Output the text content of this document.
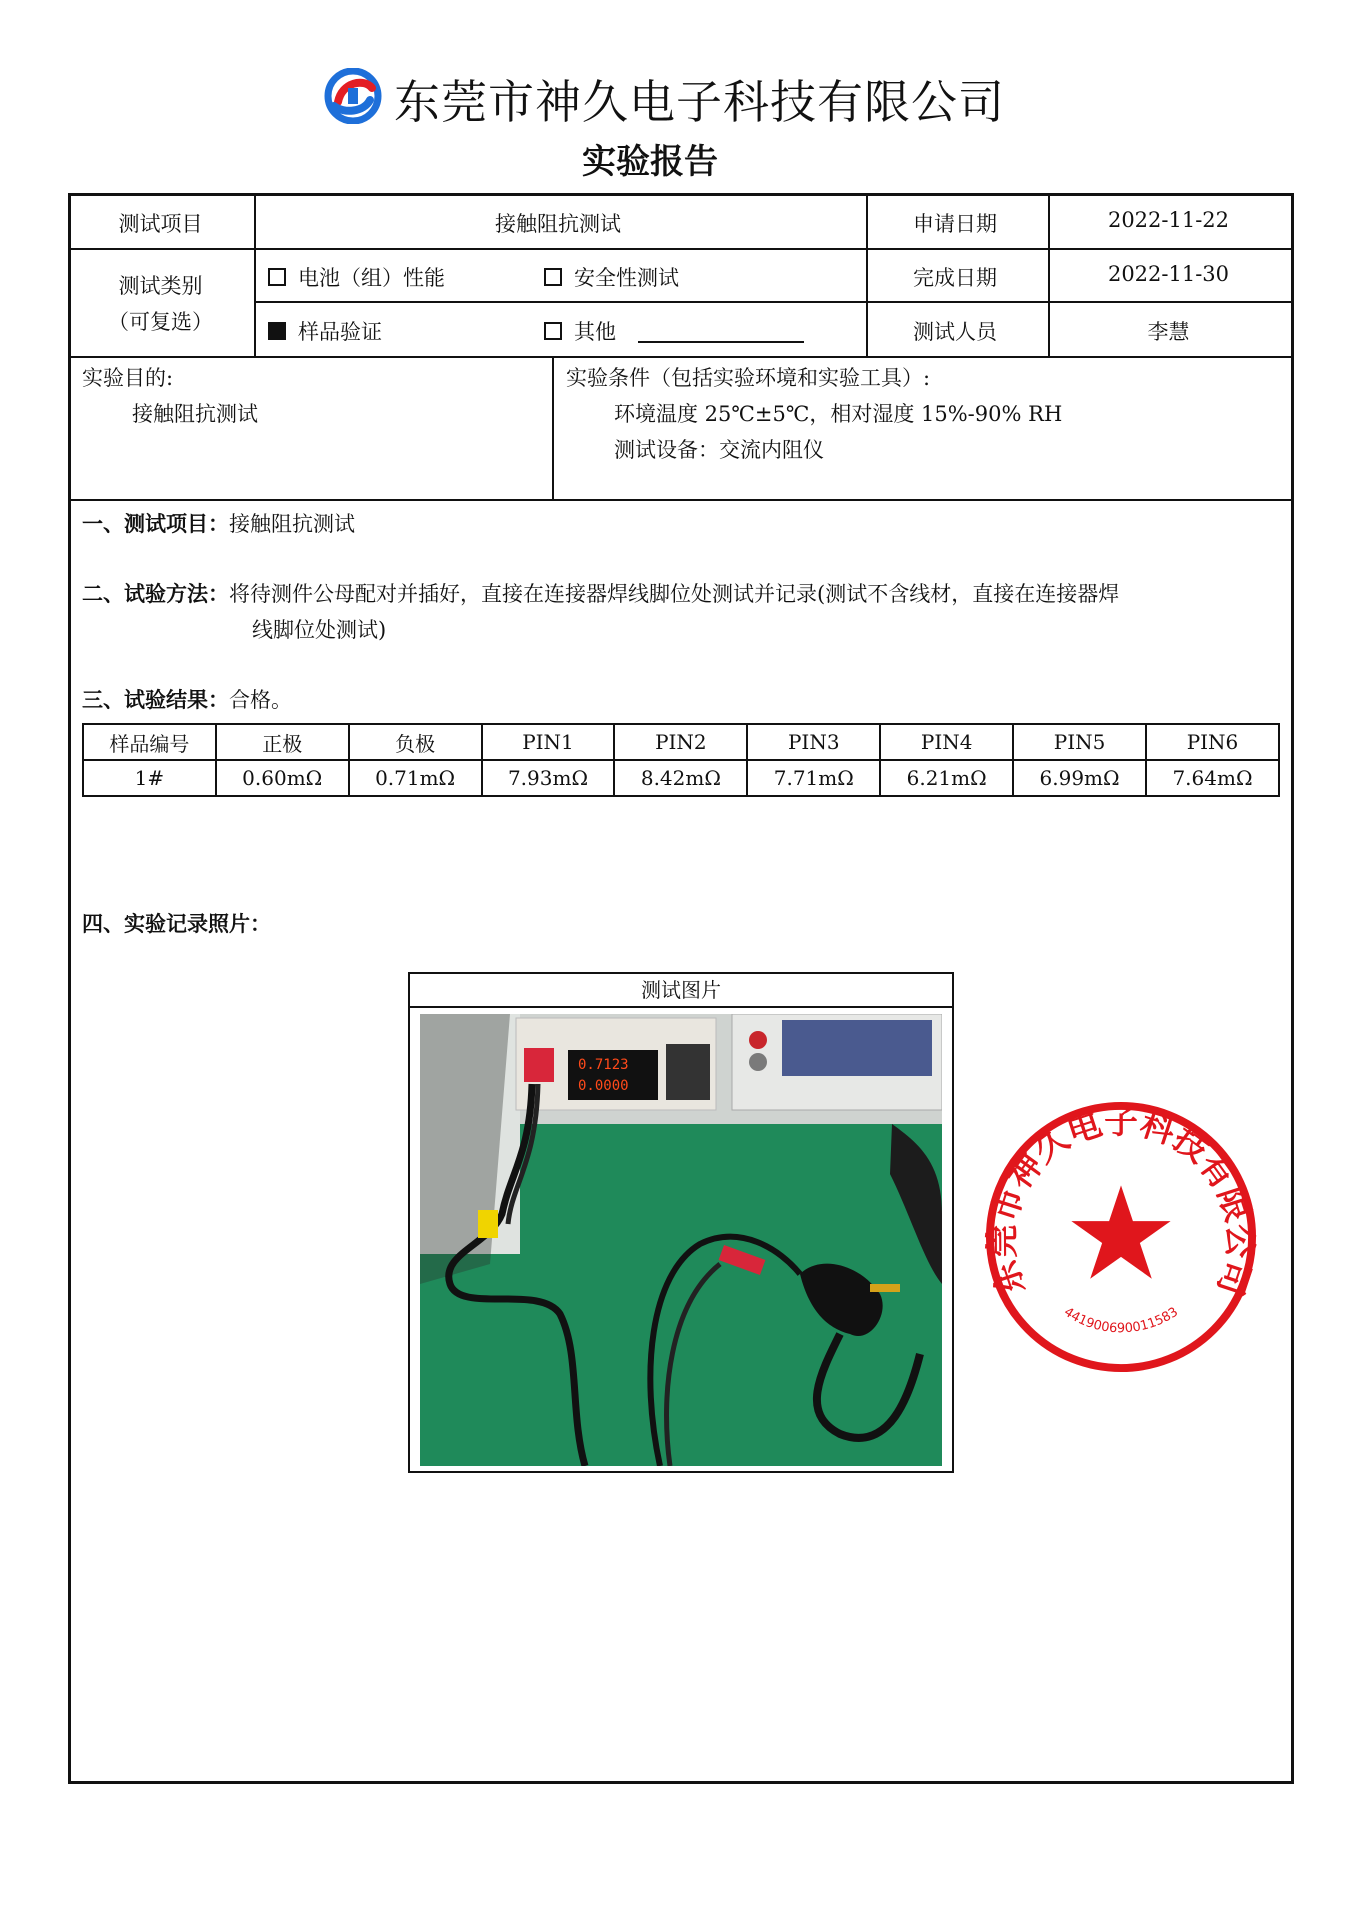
东莞市神久电子科技有限公司
实验报告
测试项目	接触阻抗测试	申请日期	2022-11-22
测试类别
（可复选）
电池（组）性能	安全性测试
样品验证	其他
完成日期	2022-11-30
测试人员	李慧
实验目的:
接触阻抗测试
实验条件（包括实验环境和实验工具）:
环境温度 25℃±5℃，相对湿度 15%-90% RH
测试设备：交流内阻仪
一、测试项目：接触阻抗测试
二、试验方法：将待测件公母配对并插好，直接在连接器焊线脚位处测试并记录(测试不含线材，直接在连接器焊
线脚位处测试)
三、试验结果：合格。
样品编号	正极	负极	PIN1	PIN2	PIN3	PIN4	PIN5	PIN6
1#	0.60mΩ	0.71mΩ	7.93mΩ	8.42mΩ	7.71mΩ	6.21mΩ	6.99mΩ	7.64mΩ
四、实验记录照片：
测试图片
0.7123
0.0000
东莞市神久电子科技有限公司
441900690011583
